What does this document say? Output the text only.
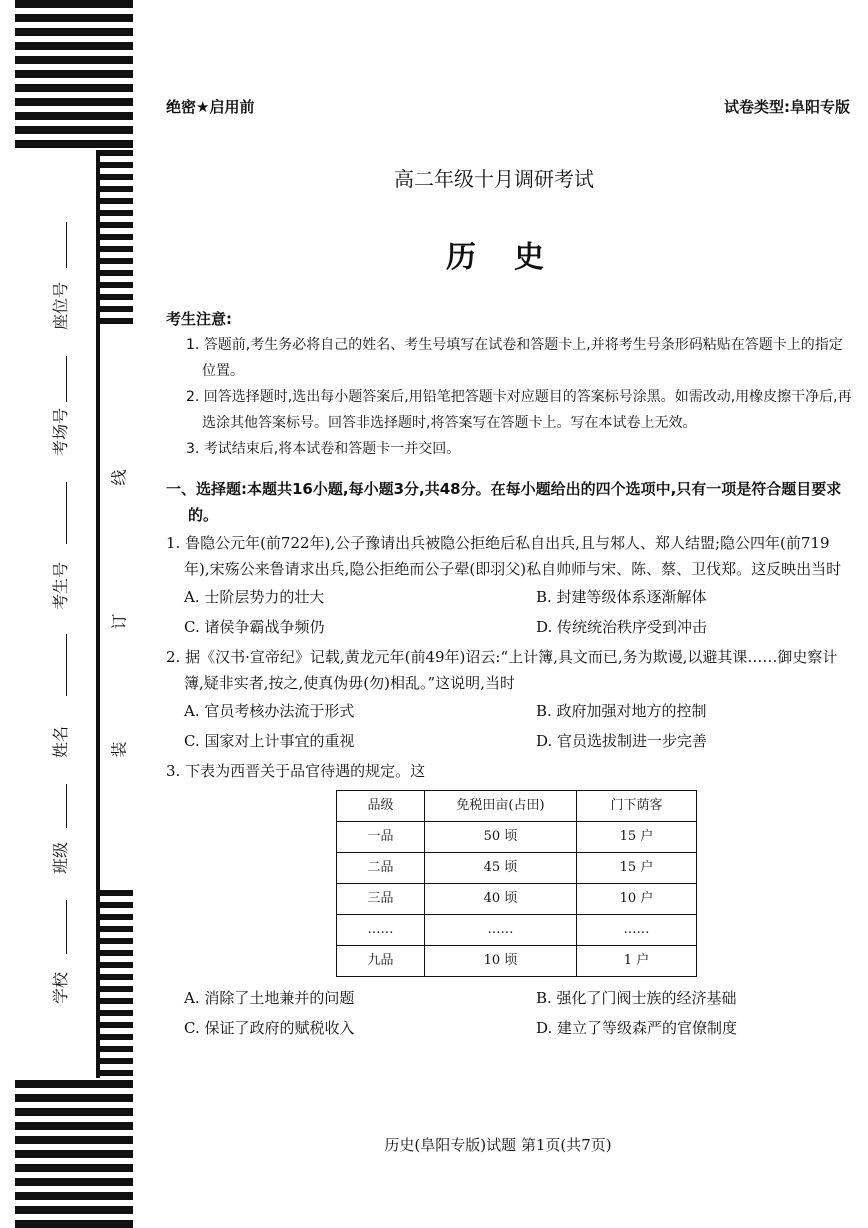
座位号
考场号
考生号
姓名
班级
学校
线
订
装
绝密★启用前	试卷类型:阜阳专版
高二年级十月调研考试
历史
考生注意:
1. 答题前,考生务必将自己的姓名、考生号填写在试卷和答题卡上,并将考生号条形码粘贴在答题卡上的指定位置。
2. 回答选择题时,选出每小题答案后,用铅笔把答题卡对应题目的答案标号涂黑。如需改动,用橡皮擦干净后,再选涂其他答案标号。回答非选择题时,将答案写在答题卡上。写在本试卷上无效。
3. 考试结束后,将本试卷和答题卡一并交回。
一、选择题:本题共16小题,每小题3分,共48分。在每小题给出的四个选项中,只有一项是符合题目要求的。
1. 鲁隐公元年(前722年),公子豫请出兵被隐公拒绝后私自出兵,且与邾人、郑人结盟;隐公四年(前719年),宋殇公来鲁请求出兵,隐公拒绝而公子翚(即羽父)私自帅师与宋、陈、蔡、卫伐郑。这反映出当时
A. 士阶层势力的壮大	B. 封建等级体系逐渐解体
C. 诸侯争霸战争频仍	D. 传统统治秩序受到冲击
2. 据《汉书·宣帝纪》记载,黄龙元年(前49年)诏云:“上计簿,具文而已,务为欺谩,以避其课……御史察计簿,疑非实者,按之,使真伪毋(勿)相乱。”这说明,当时
A. 官员考核办法流于形式	B. 政府加强对地方的控制
C. 国家对上计事宜的重视	D. 官员选拔制进一步完善
3. 下表为西晋关于品官待遇的规定。这
品级	免税田亩(占田)	门下荫客
一品	50 顷	15 户
二品	45 顷	15 户
三品	40 顷	10 户
……	……	……
九品	10 顷	1 户
A. 消除了土地兼并的问题	B. 强化了门阀士族的经济基础
C. 保证了政府的赋税收入	D. 建立了等级森严的官僚制度
历史(阜阳专版)试题 第1页(共7页)
